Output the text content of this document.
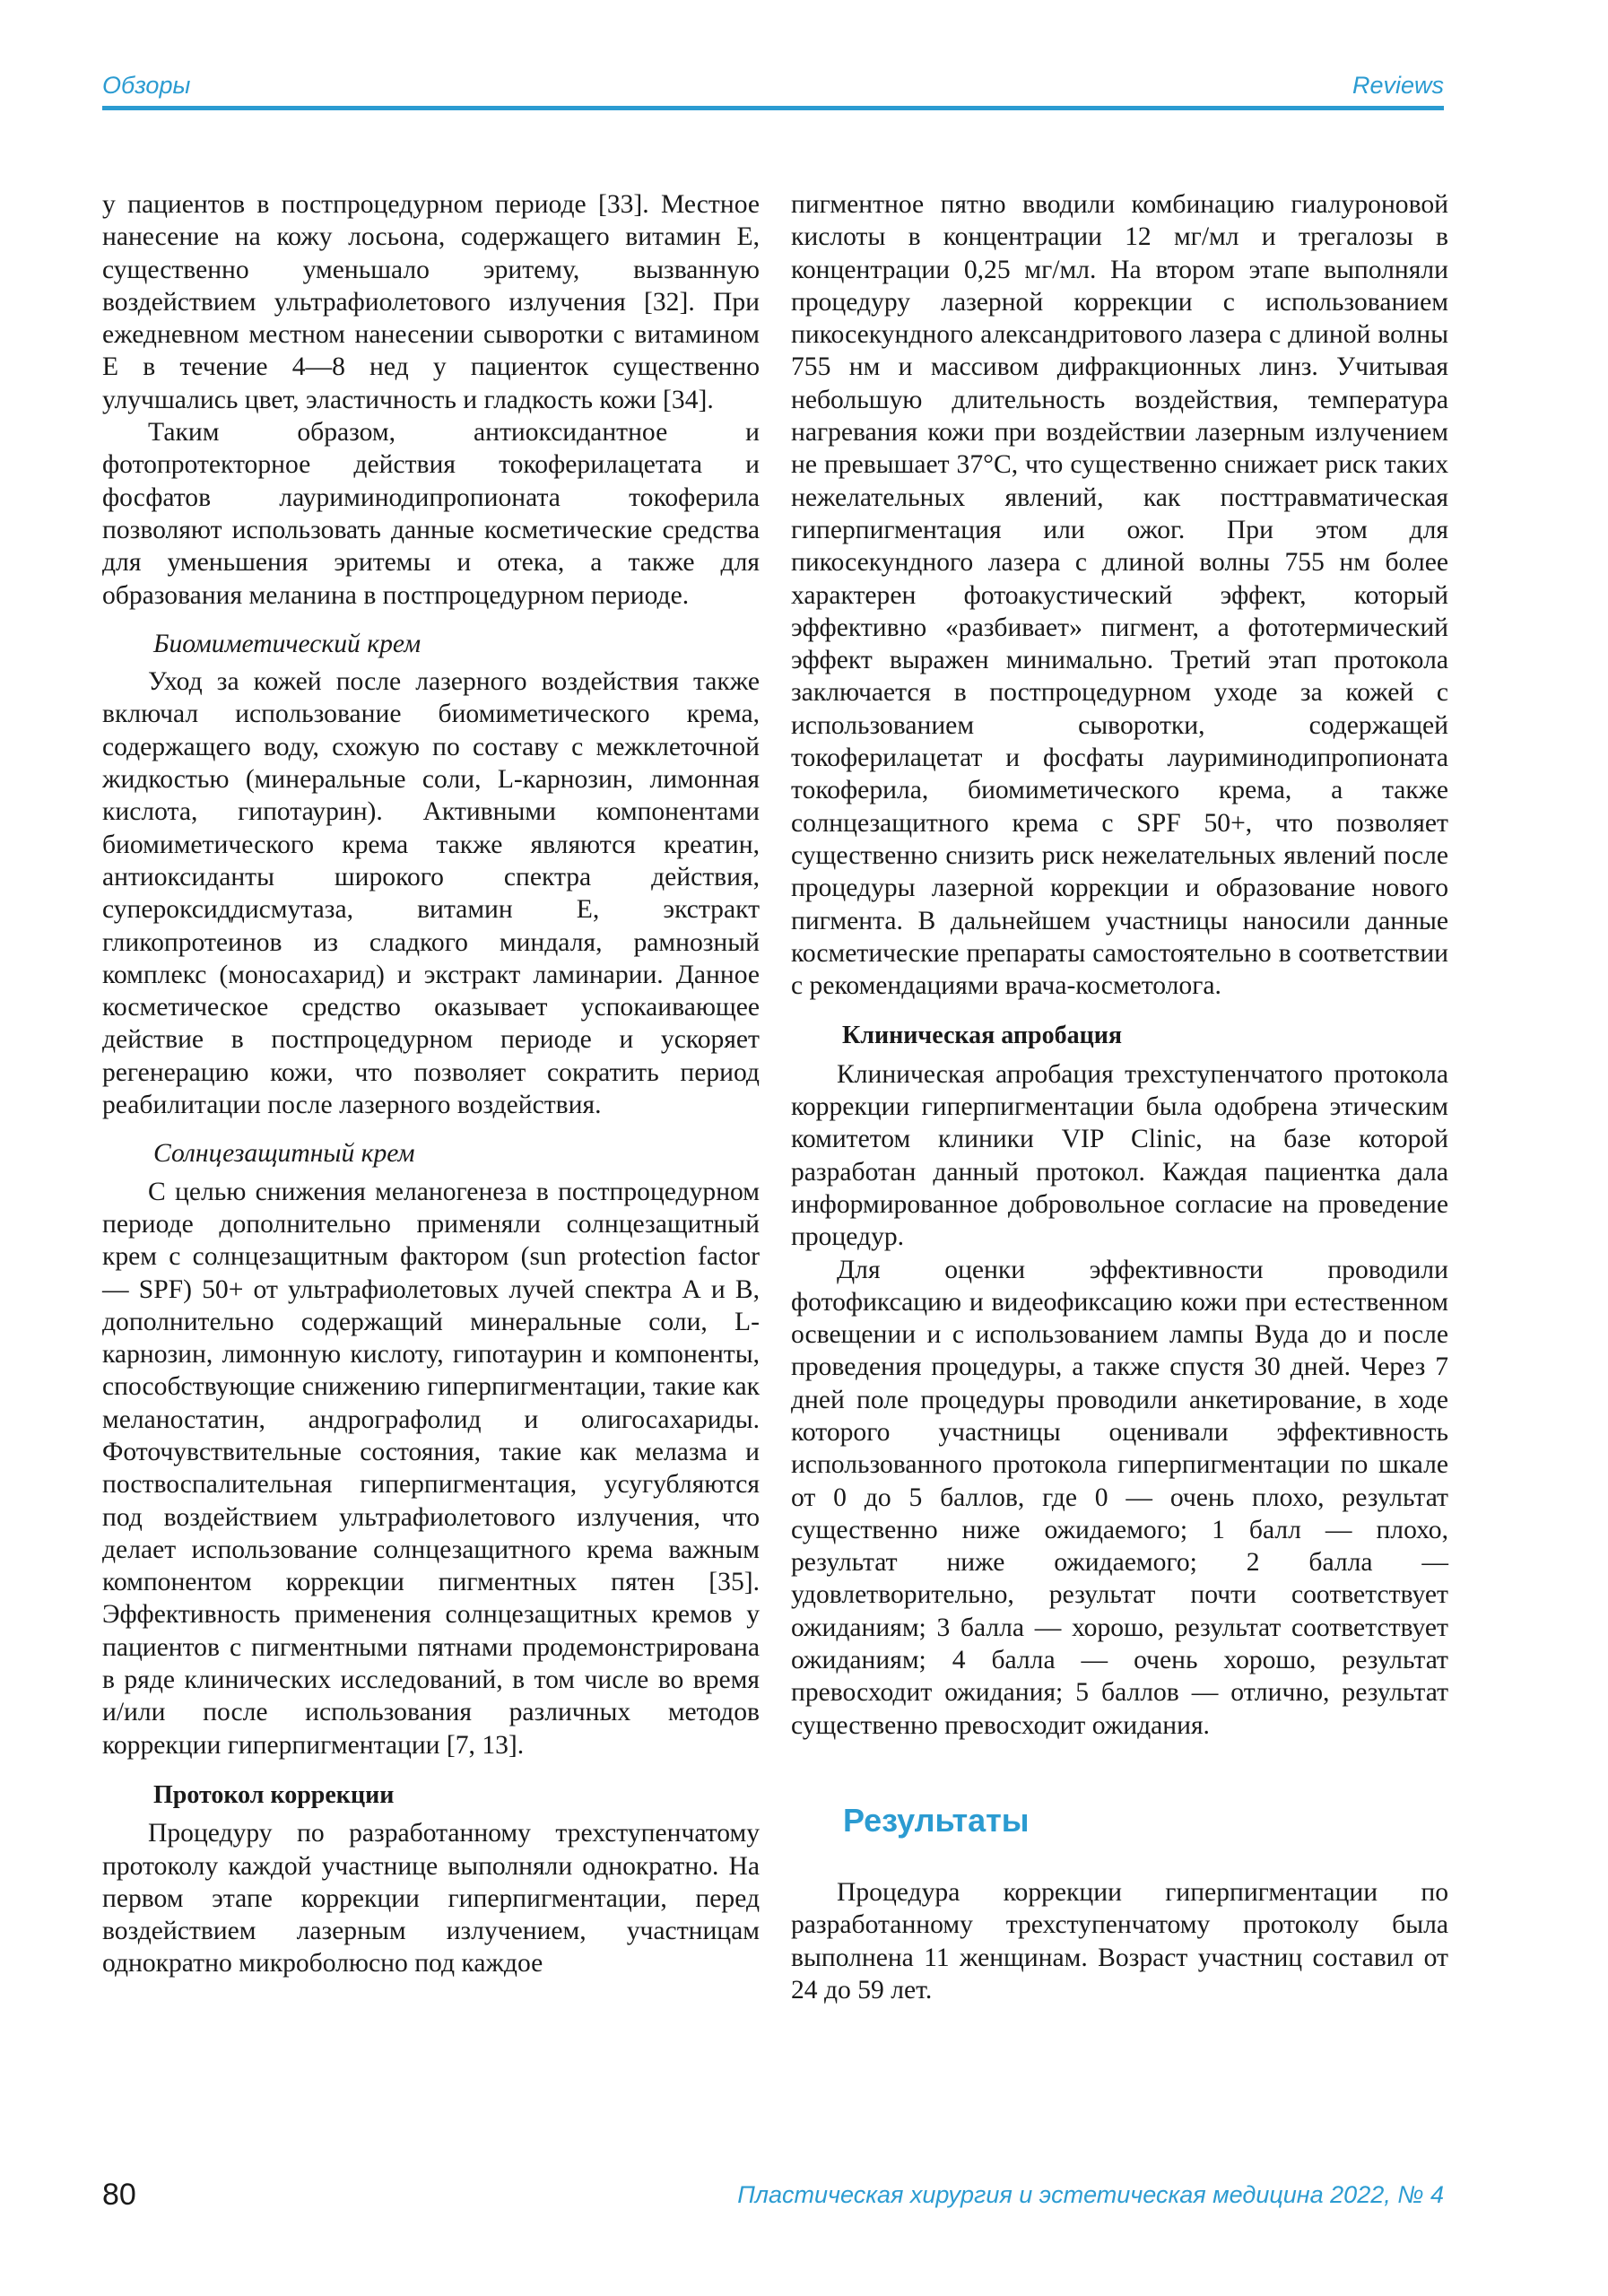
Обзоры	Reviews

у пациентов в постпроцедурном периоде [33]. Местное нанесение на кожу лосьона, содержащего витамин Е, существенно уменьшало эритему, вызванную воздействием ультрафиолетового излучения [32]. При ежедневном местном нанесении сыворотки с витамином Е в течение 4—8 нед у пациенток существенно улучшались цвет, эластичность и гладкость кожи [34].

Таким образом, антиоксидантное и фотопротекторное действия токоферилацетата и фосфатов лауриминодипропионата токоферила позволяют использовать данные косметические средства для уменьшения эритемы и отека, а также для образования меланина в постпроцедурном периоде.

Биомиметический крем

Уход за кожей после лазерного воздействия также включал использование биомиметического крема, содержащего воду, схожую по составу с межклеточной жидкостью (минеральные соли, L-карнозин, лимонная кислота, гипотаурин). Активными компонентами биомиметического крема также являются креатин, антиоксиданты широкого спектра действия, супероксиддисмутаза, витамин Е, экстракт гликопротеинов из сладкого миндаля, рамнозный комплекс (моносахарид) и экстракт ламинарии. Данное косметическое средство оказывает успокаивающее действие в постпроцедурном периоде и ускоряет регенерацию кожи, что позволяет сократить период реабилитации после лазерного воздействия.

Солнцезащитный крем

С целью снижения меланогенеза в постпроцедурном периоде дополнительно применяли солнцезащитный крем с солнцезащитным фактором (sun protection factor — SPF) 50+ от ультрафиолетовых лучей спектра А и В, дополнительно содержащий минеральные соли, L-карнозин, лимонную кислоту, гипотаурин и компоненты, способствующие снижению гиперпигментации, такие как меланостатин, андрографолид и олигосахариды. Фоточувствительные состояния, такие как мелазма и поствоспалительная гиперпигментация, усугубляются под воздействием ультрафиолетового излучения, что делает использование солнцезащитного крема важным компонентом коррекции пигментных пятен [35]. Эффективность применения солнцезащитных кремов у пациентов с пигментными пятнами продемонстрирована в ряде клинических исследований, в том числе во время и/или после использования различных методов коррекции гиперпигментации [7, 13].

Протокол коррекции

Процедуру по разработанному трехступенчатому протоколу каждой участнице выполняли однократно. На первом этапе коррекции гиперпигментации, перед воздействием лазерным излучением, участницам однократно микроболюсно под каждое

пигментное пятно вводили комбинацию гиалуроновой кислоты в концентрации 12 мг/мл и трегалозы в концентрации 0,25 мг/мл. На втором этапе выполняли процедуру лазерной коррекции с использованием пикосекундного александритового лазера с длиной волны 755 нм и массивом дифракционных линз. Учитывая небольшую длительность воздействия, температура нагревания кожи при воздействии лазерным излучением не превышает 37°С, что существенно снижает риск таких нежелательных явлений, как посттравматическая гиперпигментация или ожог. При этом для пикосекундного лазера с длиной волны 755 нм более характерен фотоакустический эффект, который эффективно «разбивает» пигмент, а фототермический эффект выражен минимально. Третий этап протокола заключается в постпроцедурном уходе за кожей с использованием сыворотки, содержащей токоферилацетат и фосфаты лауриминодипропионата токоферила, биомиметического крема, а также солнцезащитного крема с SPF 50+, что позволяет существенно снизить риск нежелательных явлений после процедуры лазерной коррекции и образование нового пигмента. В дальнейшем участницы наносили данные косметические препараты самостоятельно в соответствии с рекомендациями врача-косметолога.

Клиническая апробация

Клиническая апробация трехступенчатого протокола коррекции гиперпигментации была одобрена этическим комитетом клиники VIP Clinic, на базе которой разработан данный протокол. Каждая пациентка дала информированное добровольное согласие на проведение процедур.

Для оценки эффективности проводили фотофиксацию и видеофиксацию кожи при естественном освещении и с использованием лампы Вуда до и после проведения процедуры, а также спустя 30 дней. Через 7 дней поле процедуры проводили анкетирование, в ходе которого участницы оценивали эффективность использованного протокола гиперпигментации по шкале от 0 до 5 баллов, где 0 — очень плохо, результат существенно ниже ожидаемого; 1 балл — плохо, результат ниже ожидаемого; 2 балла — удовлетворительно, результат почти соответствует ожиданиям; 3 балла — хорошо, результат соответствует ожиданиям; 4 балла — очень хорошо, результат превосходит ожидания; 5 баллов — отлично, результат существенно превосходит ожидания.

Результаты

Процедура коррекции гиперпигментации по разработанному трехступенчатому протоколу была выполнена 11 женщинам. Возраст участниц составил от 24 до 59 лет.

80	Пластическая хирургия и эстетическая медицина 2022, № 4
